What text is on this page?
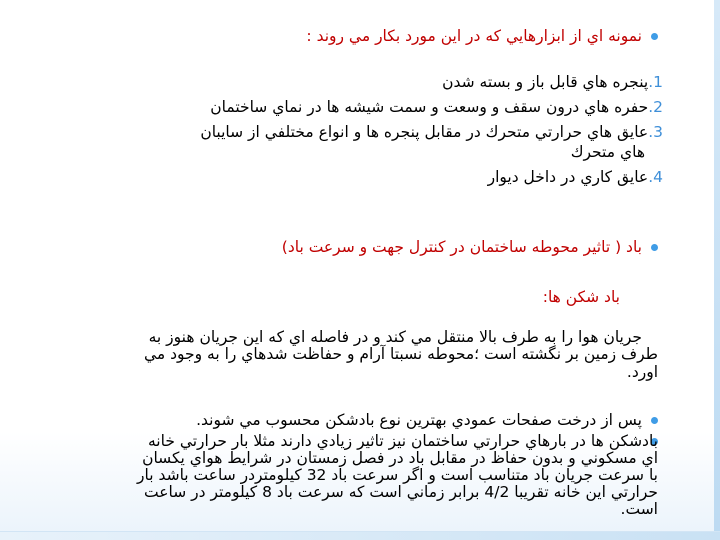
نمونه اي از ابزارهايي كه در اين مورد بكار مي روند :
1.پنجره هاي قابل باز و بسته شدن
2.حفره هاي درون سقف و وسعت و سمت شيشه ها در نماي ساختمان
3.عايق هاي حرارتي متحرك در مقابل پنجره ها و انواع مختلفي از سايبان
هاي متحرك
4.عايق كاري در داخل ديوار
باد ( تاثير محوطه ساختمان در كنترل جهت و سرعت باد)
باد شكن ها:
جريان هوا را به طرف بالا منتقل مي كند و در فاصله اي كه اين جريان هنوز به
طرف زمين بر نگشته است ؛محوطه نسبتا آرام و حفاظت شدهاي را به وجود مي
اورد.
پس از درخت صفحات عمودي بهترين نوع بادشكن محسوب مي شوند.
بادشكن ها در بارهاي حرارتي ساختمان نيز تاثير زيادي دارند مثلا بار حرارتي خانه
اي مسكوني و بدون حفاظ در مقابل باد در فصل زمستان در شرايط هواي يكسان
با سرعت جريان باد متناسب است و اگر سرعت باد 32 كيلومتردر ساعت باشد بار
حرارتي اين خانه تقريبا 4/2 برابر زماني است كه سرعت باد 8 كيلومتر در ساعت
است.
